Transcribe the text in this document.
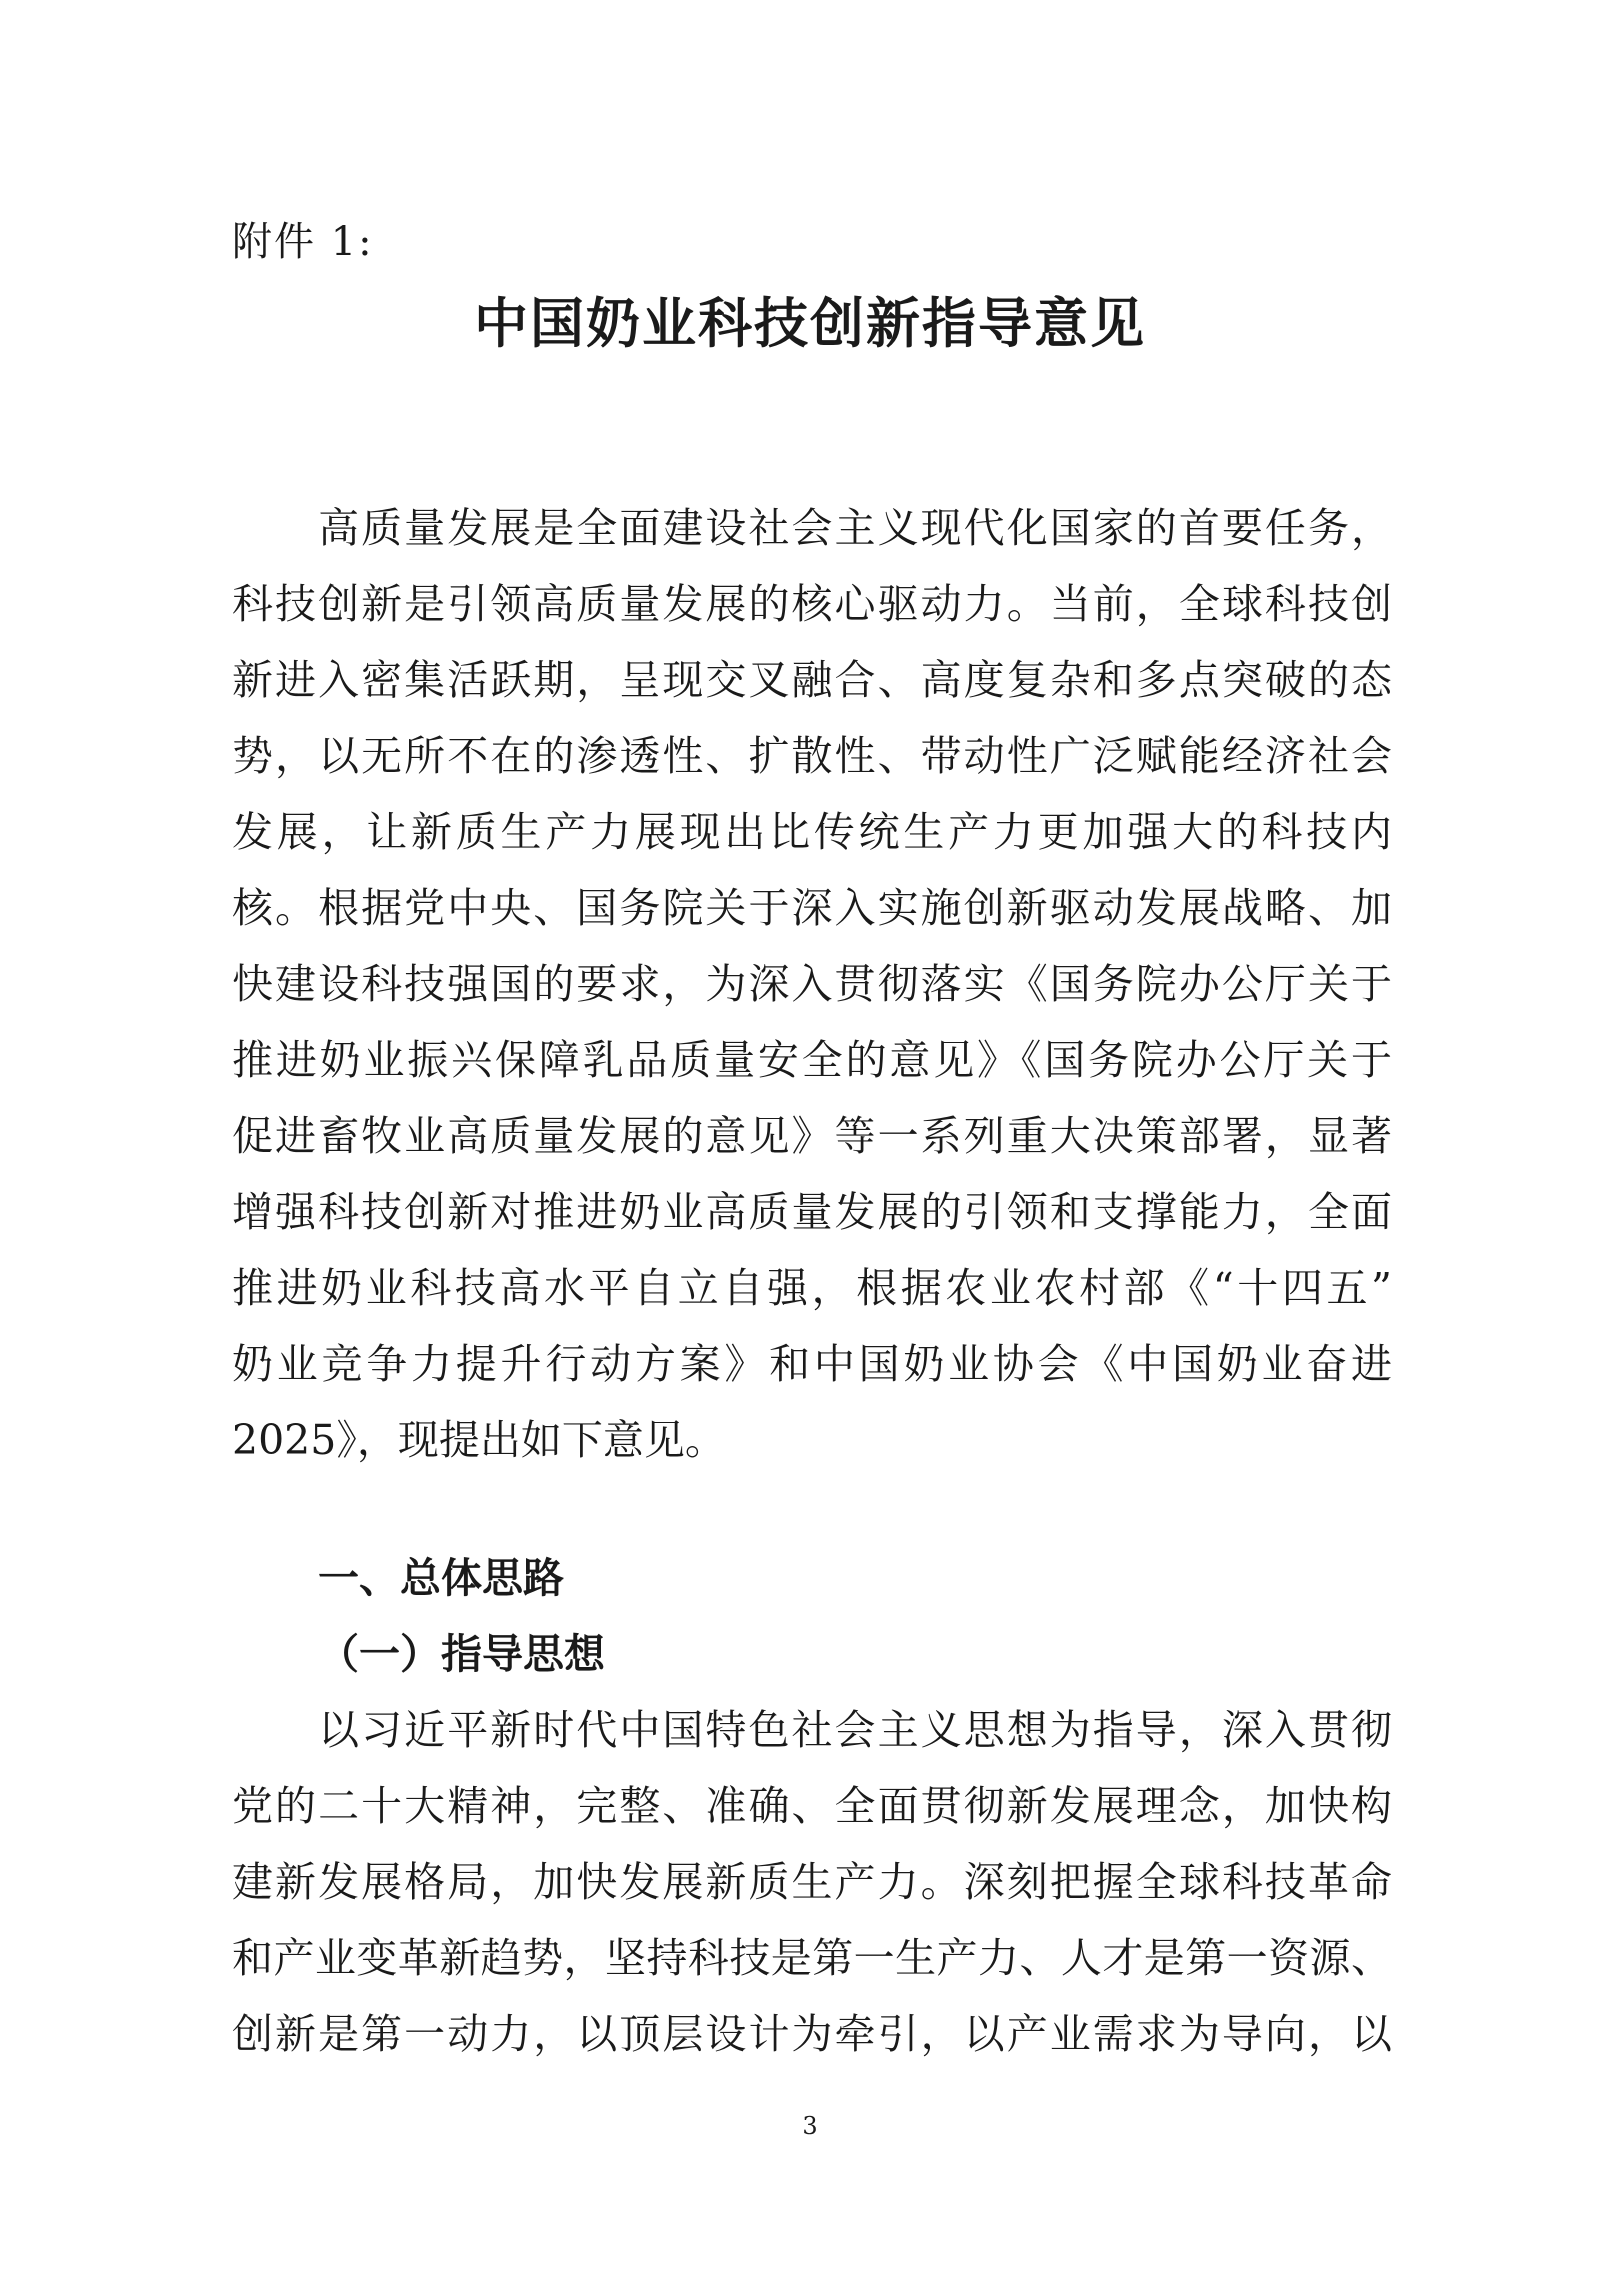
附件 1:
中国奶业科技创新指导意见
　　高质量发展是全面建设社会主义现代化国家的首要任务，
科技创新是引领高质量发展的核心驱动力。当前，全球科技创
新进入密集活跃期，呈现交叉融合、高度复杂和多点突破的态
势，以无所不在的渗透性、扩散性、带动性广泛赋能经济社会
发展，让新质生产力展现出比传统生产力更加强大的科技内
核。根据党中央、国务院关于深入实施创新驱动发展战略、加
快建设科技强国的要求，为深入贯彻落实《国务院办公厅关于
推进奶业振兴保障乳品质量安全的意见》《国务院办公厅关于
促进畜牧业高质量发展的意见》等一系列重大决策部署，显著
增强科技创新对推进奶业高质量发展的引领和支撑能力，全面
推进奶业科技高水平自立自强，根据农业农村部《“十四五”
奶业竞争力提升行动方案》和中国奶业协会《中国奶业奋进
2025》，现提出如下意见。
一、总体思路
（一）指导思想
　　以习近平新时代中国特色社会主义思想为指导，深入贯彻
党的二十大精神，完整、准确、全面贯彻新发展理念，加快构
建新发展格局，加快发展新质生产力。深刻把握全球科技革命
和产业变革新趋势，坚持科技是第一生产力、人才是第一资源、
创新是第一动力，以顶层设计为牵引，以产业需求为导向，以
3
